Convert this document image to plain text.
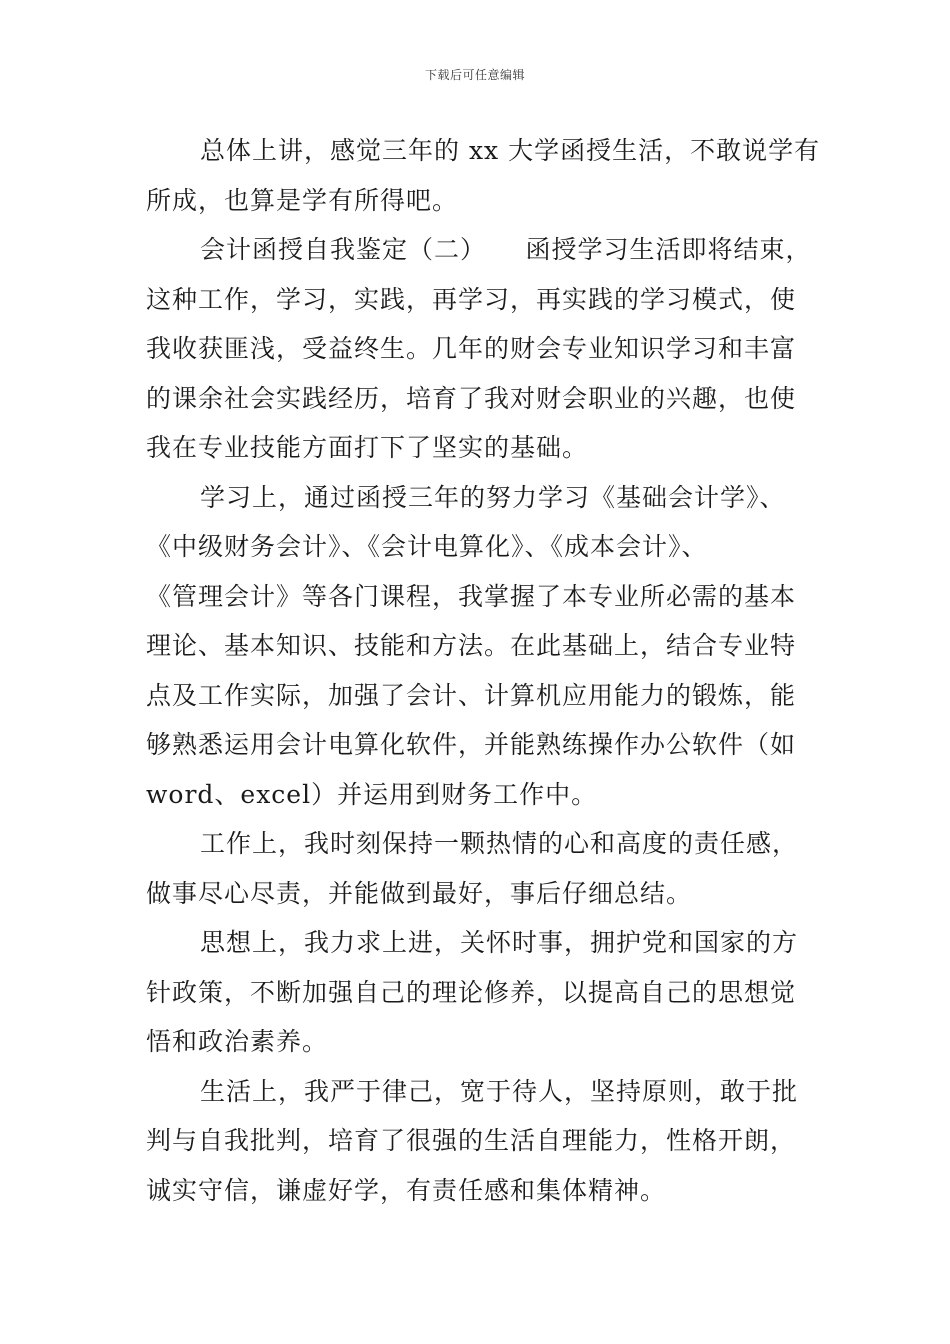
下载后可任意编辑
总体上讲，感觉三年的 xx 大学函授生活，不敢说学有
所成，也算是学有所得吧。
会计函授自我鉴定（二）　　函授学习生活即将结束，
这种工作，学习，实践，再学习，再实践的学习模式，使
我收获匪浅，受益终生。几年的财会专业知识学习和丰富
的课余社会实践经历，培育了我对财会职业的兴趣，也使
我在专业技能方面打下了坚实的基础。
学习上，通过函授三年的努力学习《基础会计学》、
《中级财务会计》、《会计电算化》、《成本会计》、
《管理会计》等各门课程，我掌握了本专业所必需的基本
理论、基本知识、技能和方法。在此基础上，结合专业特
点及工作实际，加强了会计、计算机应用能力的锻炼，能
够熟悉运用会计电算化软件，并能熟练操作办公软件（如
word、excel）并运用到财务工作中。
工作上，我时刻保持一颗热情的心和高度的责任感，
做事尽心尽责，并能做到最好，事后仔细总结。
思想上，我力求上进，关怀时事，拥护党和国家的方
针政策，不断加强自己的理论修养，以提高自己的思想觉
悟和政治素养。
生活上，我严于律己，宽于待人，坚持原则，敢于批
判与自我批判，培育了很强的生活自理能力，性格开朗，
诚实守信，谦虚好学，有责任感和集体精神。
